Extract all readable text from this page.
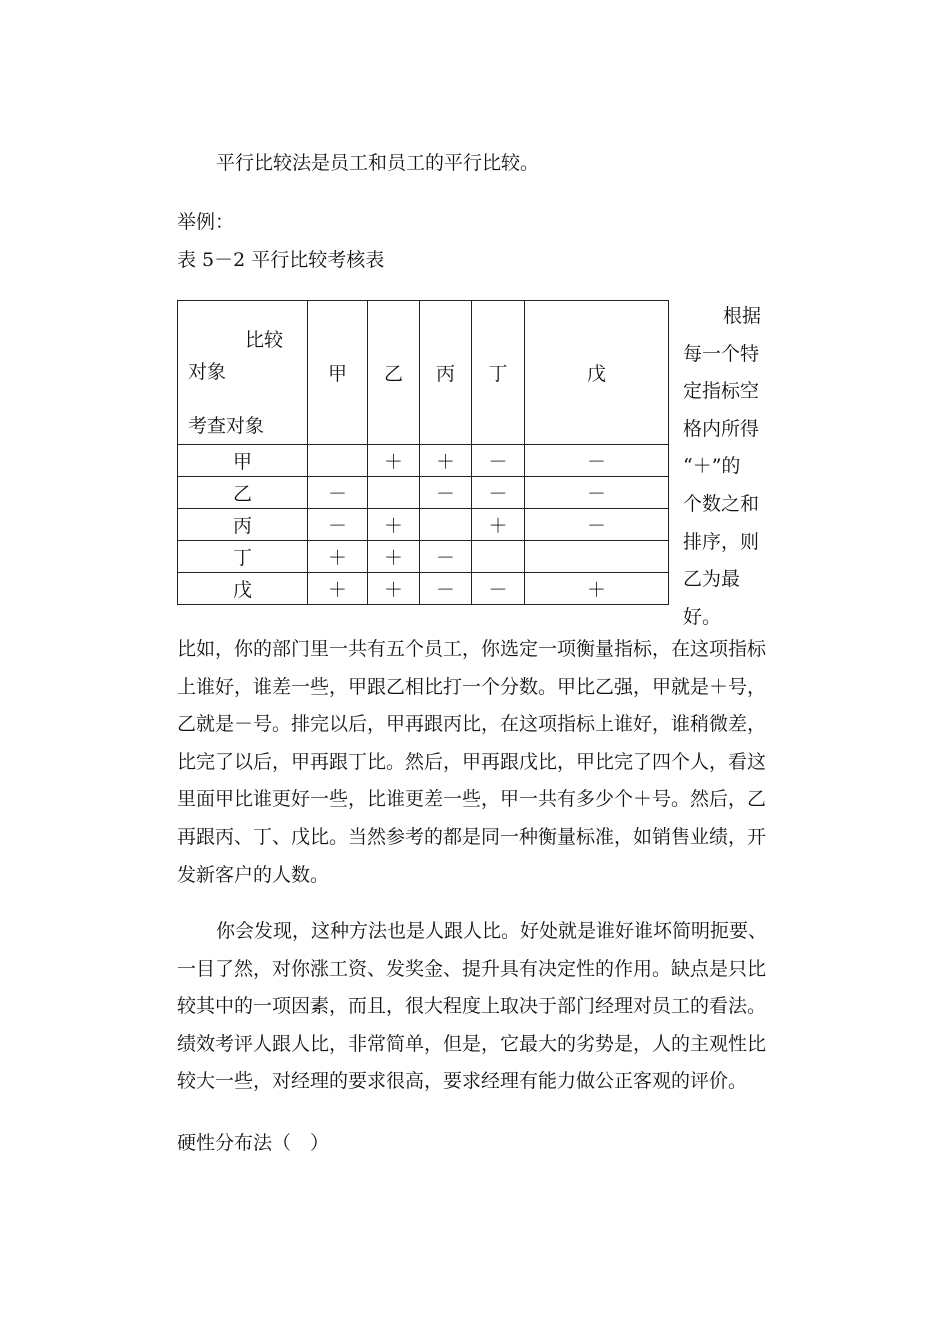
平行比较法是员工和员工的平行比较。
举例：
表 5－2 平行比较考核表
比较
对象
考查对象	甲	乙	丙	丁	戊
甲		＋	＋	－	－
乙	－		－	－	－
丙	－	＋		＋	－
丁	＋	＋	－		
戊	＋	＋	－	－	＋
根据
每一个特
定指标空
格内所得
“＋”的
个数之和
排序，则
乙为最
好。
比如，你的部门里一共有五个员工，你选定一项衡量指标，在这项指标
上谁好，谁差一些，甲跟乙相比打一个分数。甲比乙强，甲就是＋号，
乙就是－号。排完以后，甲再跟丙比，在这项指标上谁好，谁稍微差，
比完了以后，甲再跟丁比。然后，甲再跟戊比，甲比完了四个人，看这
里面甲比谁更好一些，比谁更差一些，甲一共有多少个＋号。然后，乙
再跟丙、丁、戊比。当然参考的都是同一种衡量标准，如销售业绩，开
发新客户的人数。
你会发现，这种方法也是人跟人比。好处就是谁好谁坏简明扼要、
一目了然，对你涨工资、发奖金、提升具有决定性的作用。缺点是只比
较其中的一项因素，而且，很大程度上取决于部门经理对员工的看法。
绩效考评人跟人比，非常简单，但是，它最大的劣势是，人的主观性比
较大一些，对经理的要求很高，要求经理有能力做公正客观的评价。
硬性分布法（　）
